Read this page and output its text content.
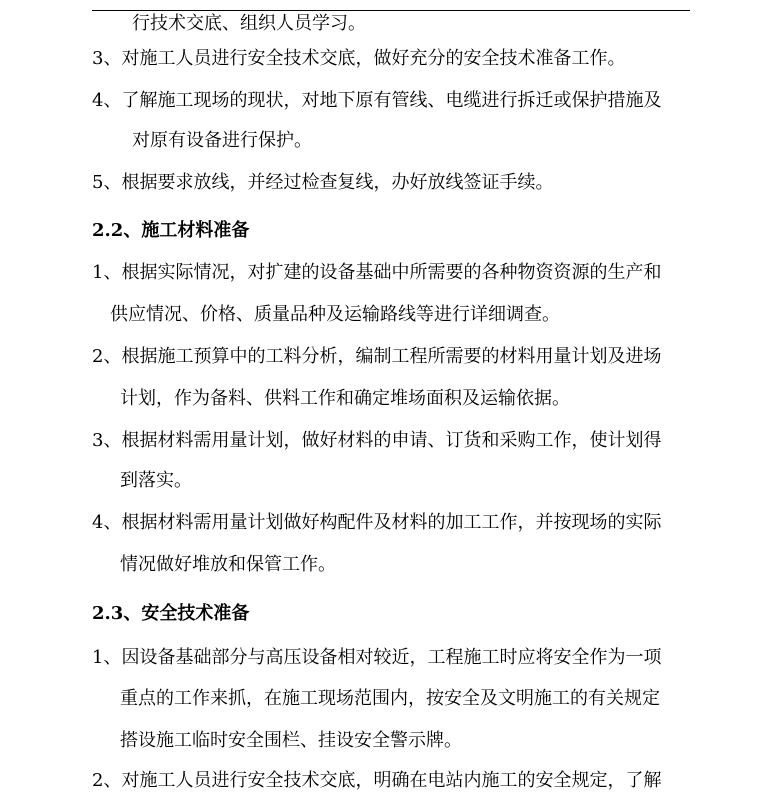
行技术交底、组织人员学习。
3、对施工人员进行安全技术交底，做好充分的安全技术准备工作。
4、了解施工现场的现状，对地下原有管线、电缆进行拆迁或保护措施及
对原有设备进行保护。
5、根据要求放线，并经过检查复线，办好放线签证手续。
2.2、施工材料准备
1、根据实际情况，对扩建的设备基础中所需要的各种物资资源的生产和
供应情况、价格、质量品种及运输路线等进行详细调查。
2、根据施工预算中的工料分析，编制工程所需要的材料用量计划及进场
计划，作为备料、供料工作和确定堆场面积及运输依据。
3、根据材料需用量计划，做好材料的申请、订货和采购工作，使计划得
到落实。
4、根据材料需用量计划做好构配件及材料的加工工作，并按现场的实际
情况做好堆放和保管工作。
2.3、安全技术准备
1、因设备基础部分与高压设备相对较近，工程施工时应将安全作为一项
重点的工作来抓，在施工现场范围内，按安全及文明施工的有关规定
搭设施工临时安全围栏、挂设安全警示牌。
2、对施工人员进行安全技术交底，明确在电站内施工的安全规定，了解
